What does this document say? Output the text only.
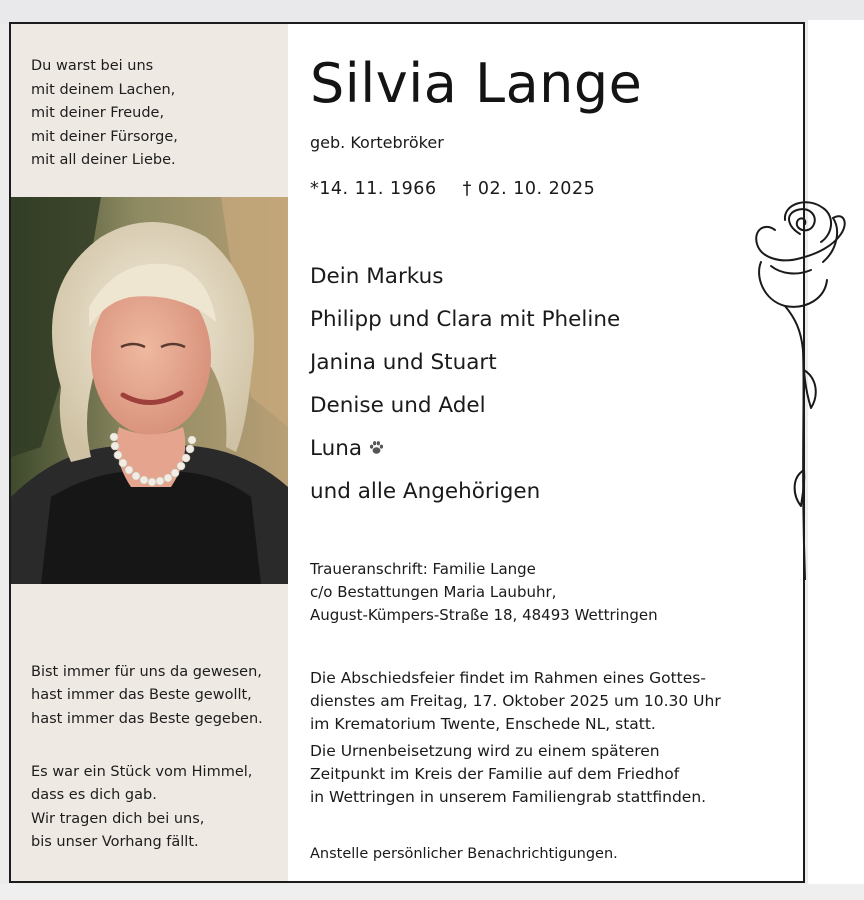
Du warst bei uns
mit deinem Lachen,
mit deiner Freude,
mit deiner Fürsorge,
mit all deiner Liebe.

Bist immer für uns da gewesen,
hast immer das Beste gewollt,
hast immer das Beste gegeben.

Es war ein Stück vom Himmel,
dass es dich gab.
Wir tragen dich bei uns,
bis unser Vorhang fällt.

Silvia Lange
geb. Kortebröker
*14. 11. 1966 † 02. 10. 2025
Dein Markus
Philipp und Clara mit Pheline
Janina und Stuart
Denise und Adel
Luna
und alle Angehörigen
Traueranschrift: Familie Lange
c/o Bestattungen Maria Laubuhr,
August-Kümpers-Straße 18, 48493 Wettringen

Die Abschiedsfeier findet im Rahmen eines Gottes-
dienstes am Freitag, 17. Oktober 2025 um 10.30 Uhr
im Krematorium Twente, Enschede NL, statt.

Die Urnenbeisetzung wird zu einem späteren
Zeitpunkt im Kreis der Familie auf dem Friedhof
in Wettringen in unserem Familiengrab stattfinden.

Anstelle persönlicher Benachrichtigungen.
